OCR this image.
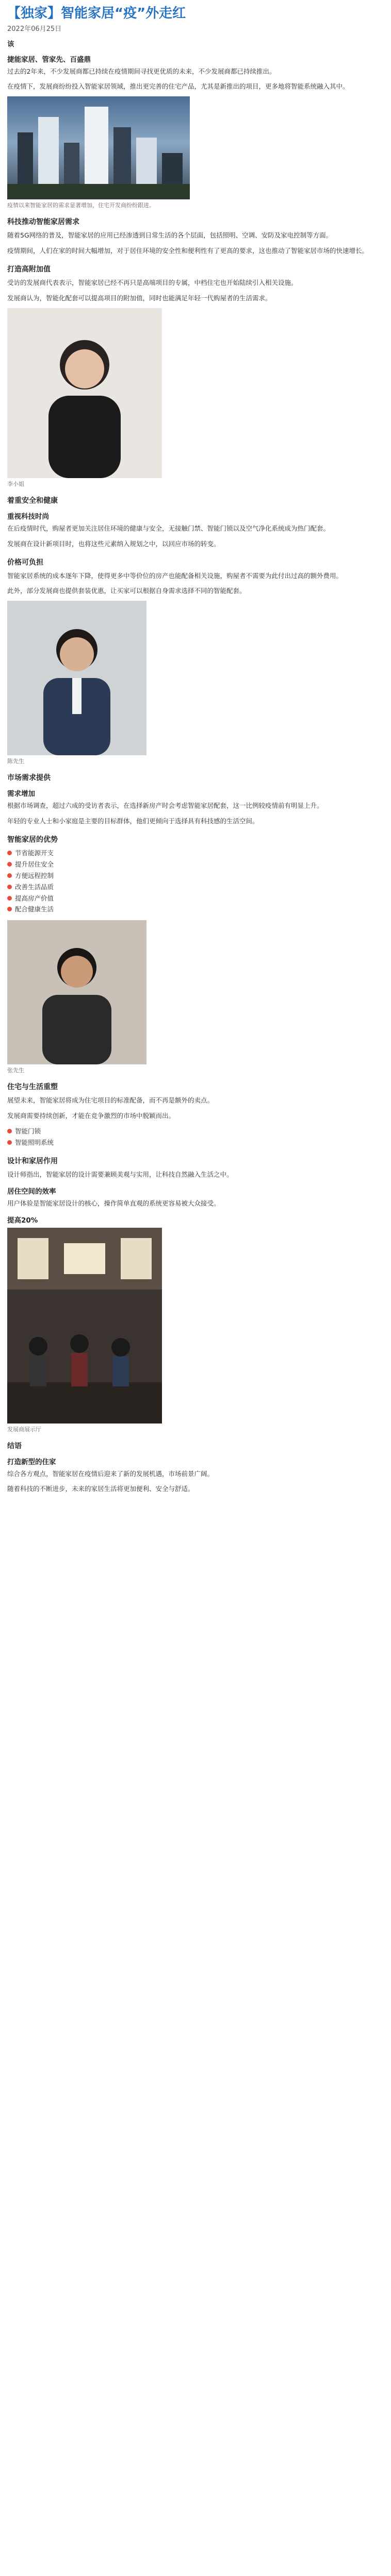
【独家】智能家居“疫”外走红
2022年06月25日
该
捷能家居、管家先、百盛鼎

过去的2年来，不少发展商都已持续在疫情期间寻找更优质的未来，不少发展商都已持续推出。

在疫情下，发展商纷纷投入智能家居领域，推出更完善的住宅产品，尤其是新推出的项目，更多地将智能系统融入其中。

疫情以来智能家居的需求显著增加，住宅开发商纷纷跟进。
科技推动智能家居需求

随着5G网络的普及，智能家居的应用已经渗透到日常生活的各个层面，包括照明、空调、安防及家电控制等方面。

疫情期间，人们在家的时间大幅增加，对于居住环境的安全性和便利性有了更高的要求，这也推动了智能家居市场的快速增长。

打造高附加值

受访的发展商代表表示，智能家居已经不再只是高端项目的专属，中档住宅也开始陆续引入相关设施。

发展商认为，智能化配套可以提高项目的附加值，同时也能满足年轻一代购屋者的生活需求。

李小姐
着重安全和健康
重视科技时尚

在后疫情时代，购屋者更加关注居住环境的健康与安全，无接触门禁、智能门锁以及空气净化系统成为热门配套。

发展商在设计新项目时，也将这些元素纳入规划之中，以回应市场的转变。

价格可负担

智能家居系统的成本逐年下降，使得更多中等价位的房产也能配备相关设施，购屋者不需要为此付出过高的额外费用。

此外，部分发展商也提供套装优惠，让买家可以根据自身需求选择不同的智能配套。

陈先生
市场需求提供
需求增加

根据市场调查，超过六成的受访者表示，在选择新房产时会考虑智能家居配套，这一比例较疫情前有明显上升。

年轻的专业人士和小家庭是主要的目标群体，他们更倾向于选择具有科技感的生活空间。

智能家居的优势
节省能源开支
提升居住安全
方便远程控制
改善生活品质
提高房产价值
配合健康生活
张先生
住宅与生活重塑

展望未来，智能家居将成为住宅项目的标准配备，而不再是额外的卖点。

发展商需要持续创新，才能在竞争激烈的市场中脱颖而出。

智能门锁
智能照明系统
设计和家居作用

设计师指出，智能家居的设计需要兼顾美观与实用，让科技自然融入生活之中。

居住空间的效率

用户体验是智能家居设计的核心，操作简单直观的系统更容易被大众接受。

提高20%
发展商展示厅
结语
打造新型的住家

综合各方观点，智能家居在疫情后迎来了新的发展机遇，市场前景广阔。

随着科技的不断进步，未来的家居生活将更加便利、安全与舒适。
